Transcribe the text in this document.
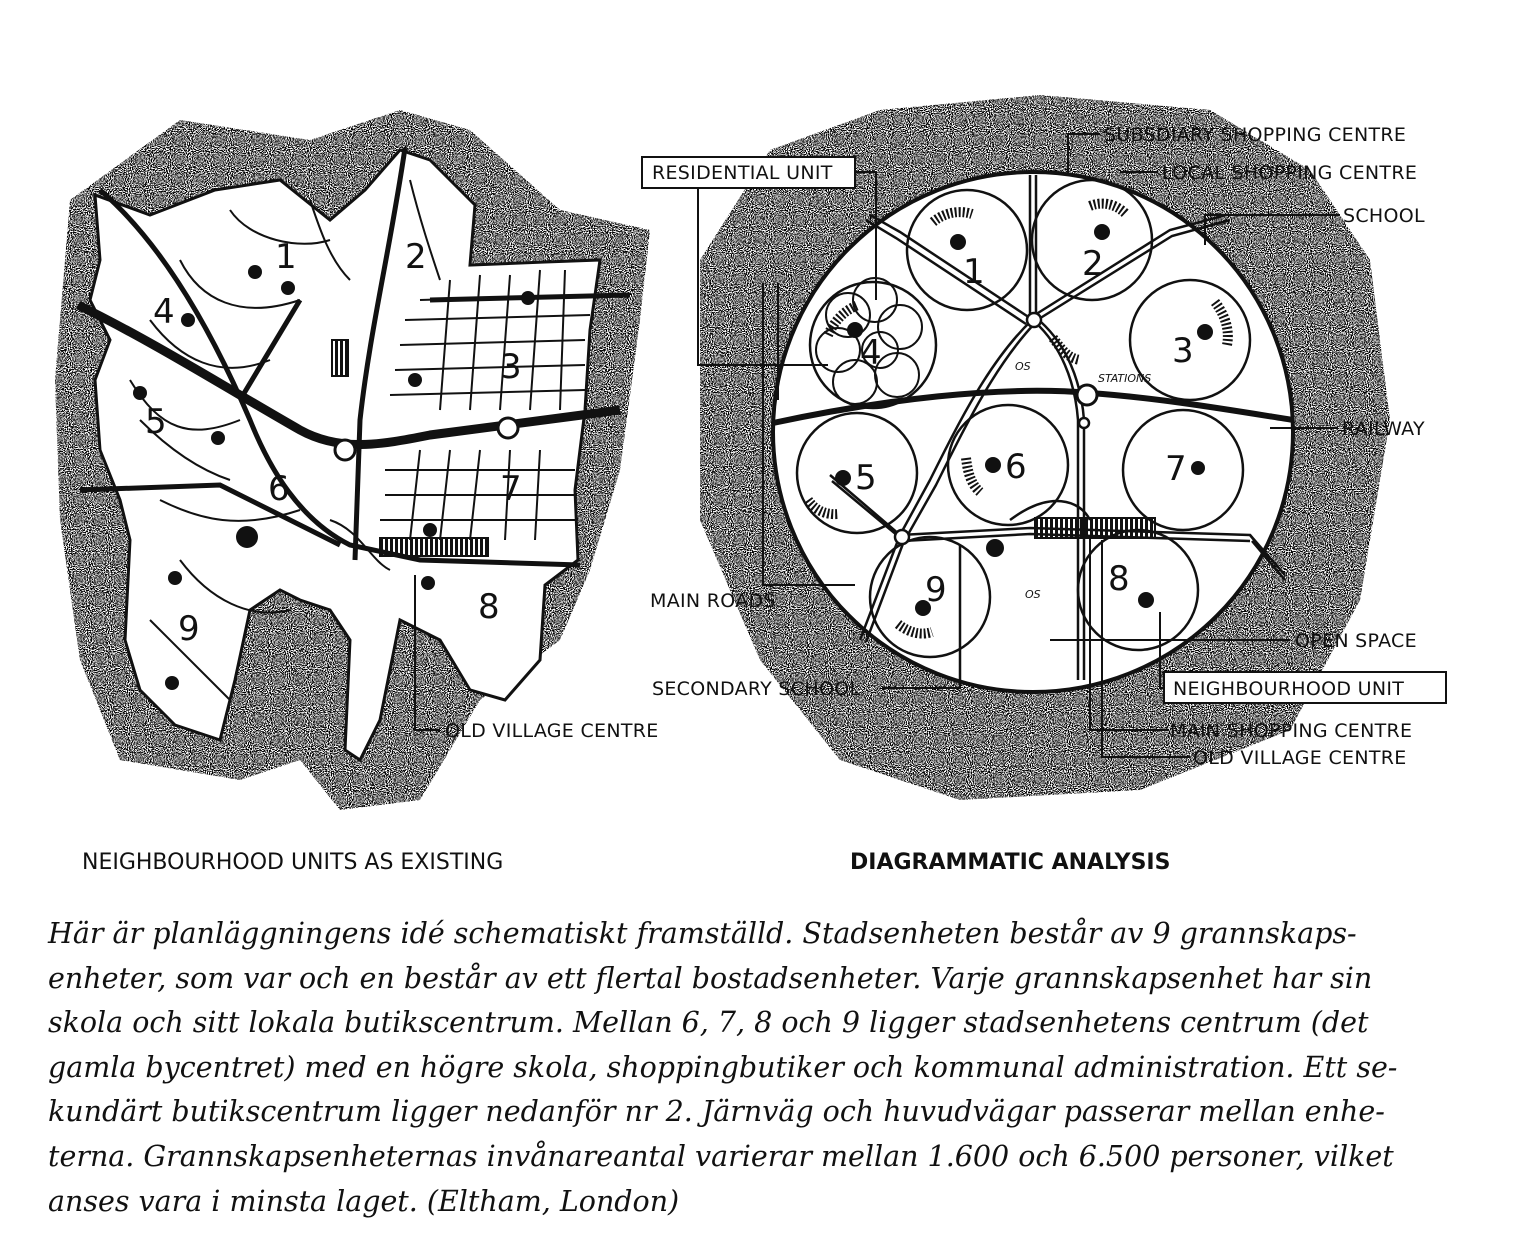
1	2
3
4
5
6	7
8
9
OLD VILLAGE CENTRE
1	2
3
4
5	6	7
8
9
STATIONS
OS
OS
SUBSDIARY SHOPPING CENTRE
LOCAL SHOPPING CENTRE
SCHOOL
RESIDENTIAL UNIT
RAILWAY
MAIN ROADS
OPEN SPACE
NEIGHBOURHOOD UNIT
SECONDARY SCHOOL
MAIN SHOPPING CENTRE
OLD VILLAGE CENTRE
NEIGHBOURHOOD UNITS AS EXISTING	DIAGRAMMATIC ANALYSIS
Här är planläggningens idé schematiskt framställd. Stadsenheten består av 9 grannskaps-
enheter, som var och en består av ett flertal bostadsenheter. Varje grannskapsenhet har sin
skola och sitt lokala butikscentrum. Mellan 6, 7, 8 och 9 ligger stadsenhetens centrum (det
gamla bycentret) med en högre skola, shoppingbutiker och kommunal administration. Ett se-
kundärt butikscentrum ligger nedanför nr 2. Järnväg och huvudvägar passerar mellan enhe-
terna. Grannskapsenheternas invånareantal varierar mellan 1.600 och 6.500 personer, vilket
anses vara i minsta laget. (Eltham, London)
